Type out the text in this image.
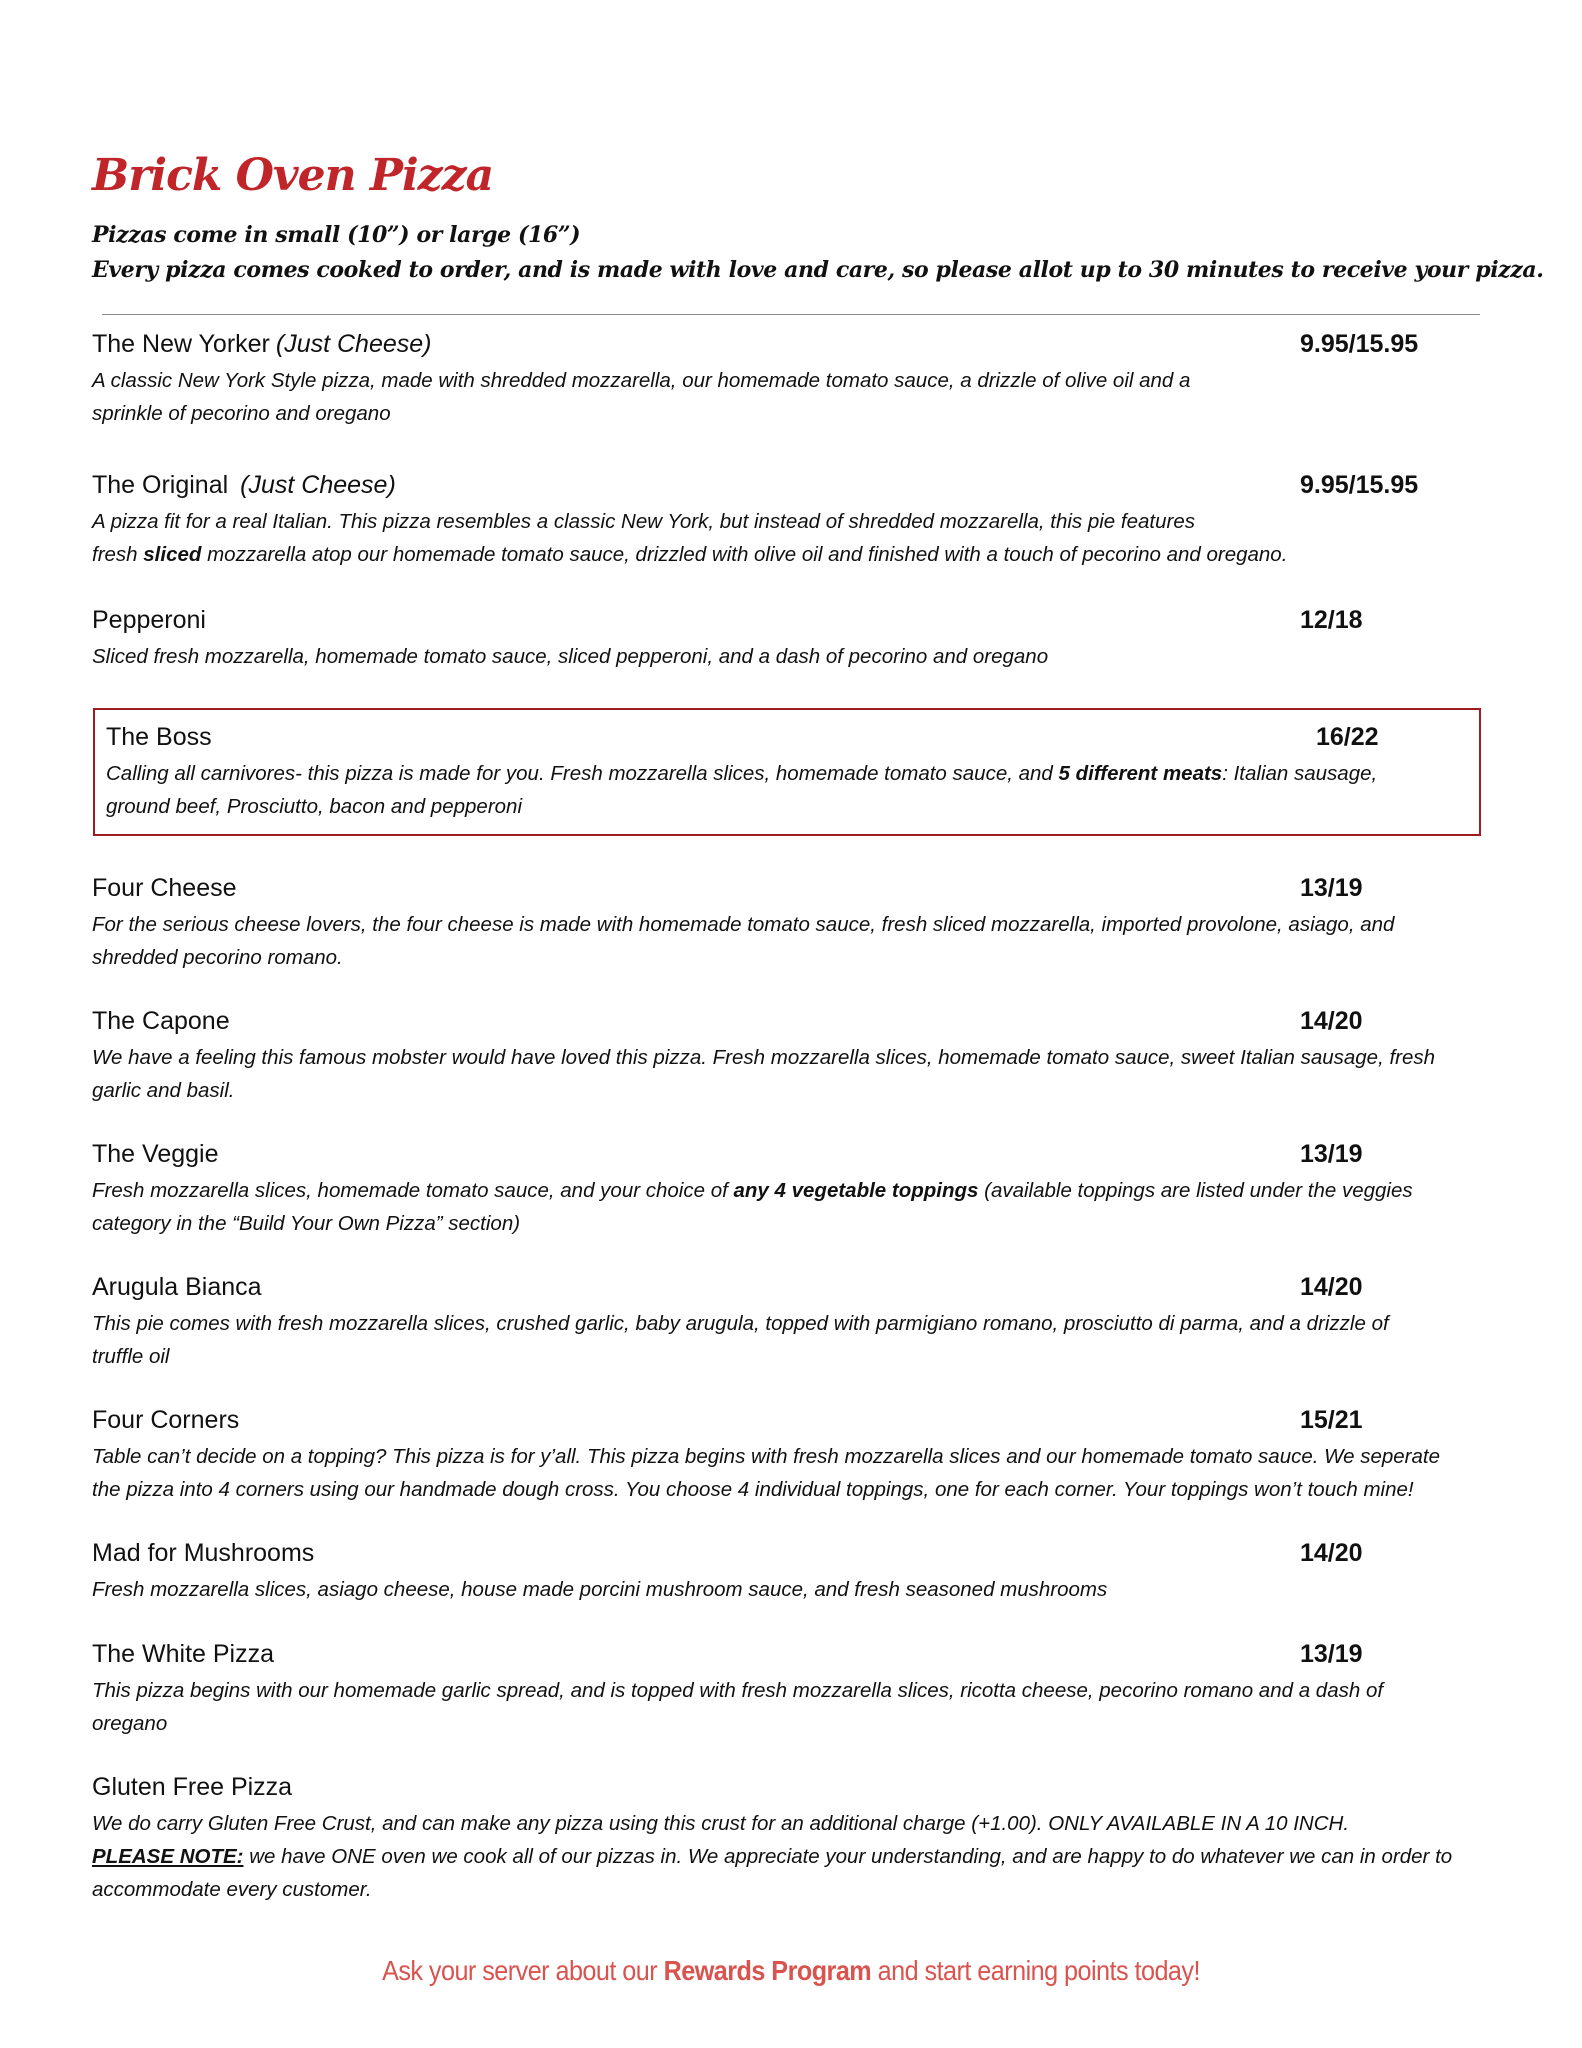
Brick Oven Pizza
Pizzas come in small (10”) or large (16”)
Every pizza comes cooked to order, and is made with love and care, so please allot up to 30 minutes to receive your pizza.
The New Yorker (Just Cheese)	9.95/15.95
A classic New York Style pizza, made with shredded mozzarella, our homemade tomato sauce, a drizzle of olive oil and a
sprinkle of pecorino and oregano
The Original (Just Cheese)	9.95/15.95
A pizza fit for a real Italian. This pizza resembles a classic New York, but instead of shredded mozzarella, this pie features
fresh sliced mozzarella atop our homemade tomato sauce, drizzled with olive oil and finished with a touch of pecorino and oregano.
Pepperoni	12/18
Sliced fresh mozzarella, homemade tomato sauce, sliced pepperoni, and a dash of pecorino and oregano
The Boss	16/22
Calling all carnivores- this pizza is made for you. Fresh mozzarella slices, homemade tomato sauce, and 5 different meats: Italian sausage,
ground beef, Prosciutto, bacon and pepperoni
Four Cheese	13/19
For the serious cheese lovers, the four cheese is made with homemade tomato sauce, fresh sliced mozzarella, imported provolone, asiago, and
shredded pecorino romano.
The Capone	14/20
We have a feeling this famous mobster would have loved this pizza. Fresh mozzarella slices, homemade tomato sauce, sweet Italian sausage, fresh
garlic and basil.
The Veggie	13/19
Fresh mozzarella slices, homemade tomato sauce, and your choice of any 4 vegetable toppings (available toppings are listed under the veggies
category in the “Build Your Own Pizza” section)
Arugula Bianca	14/20
This pie comes with fresh mozzarella slices, crushed garlic, baby arugula, topped with parmigiano romano, prosciutto di parma, and a drizzle of
truffle oil
Four Corners	15/21
Table can’t decide on a topping? This pizza is for y’all. This pizza begins with fresh mozzarella slices and our homemade tomato sauce. We seperate
the pizza into 4 corners using our handmade dough cross. You choose 4 individual toppings, one for each corner. Your toppings won’t touch mine!
Mad for Mushrooms	14/20
Fresh mozzarella slices, asiago cheese, house made porcini mushroom sauce, and fresh seasoned mushrooms
The White Pizza	13/19
This pizza begins with our homemade garlic spread, and is topped with fresh mozzarella slices, ricotta cheese, pecorino romano and a dash of
oregano
Gluten Free Pizza
We do carry Gluten Free Crust, and can make any pizza using this crust for an additional charge (+1.00). ONLY AVAILABLE IN A 10 INCH.
PLEASE NOTE: we have ONE oven we cook all of our pizzas in. We appreciate your understanding, and are happy to do whatever we can in order to
accommodate every customer.
Ask your server about our Rewards Program and start earning points today!
